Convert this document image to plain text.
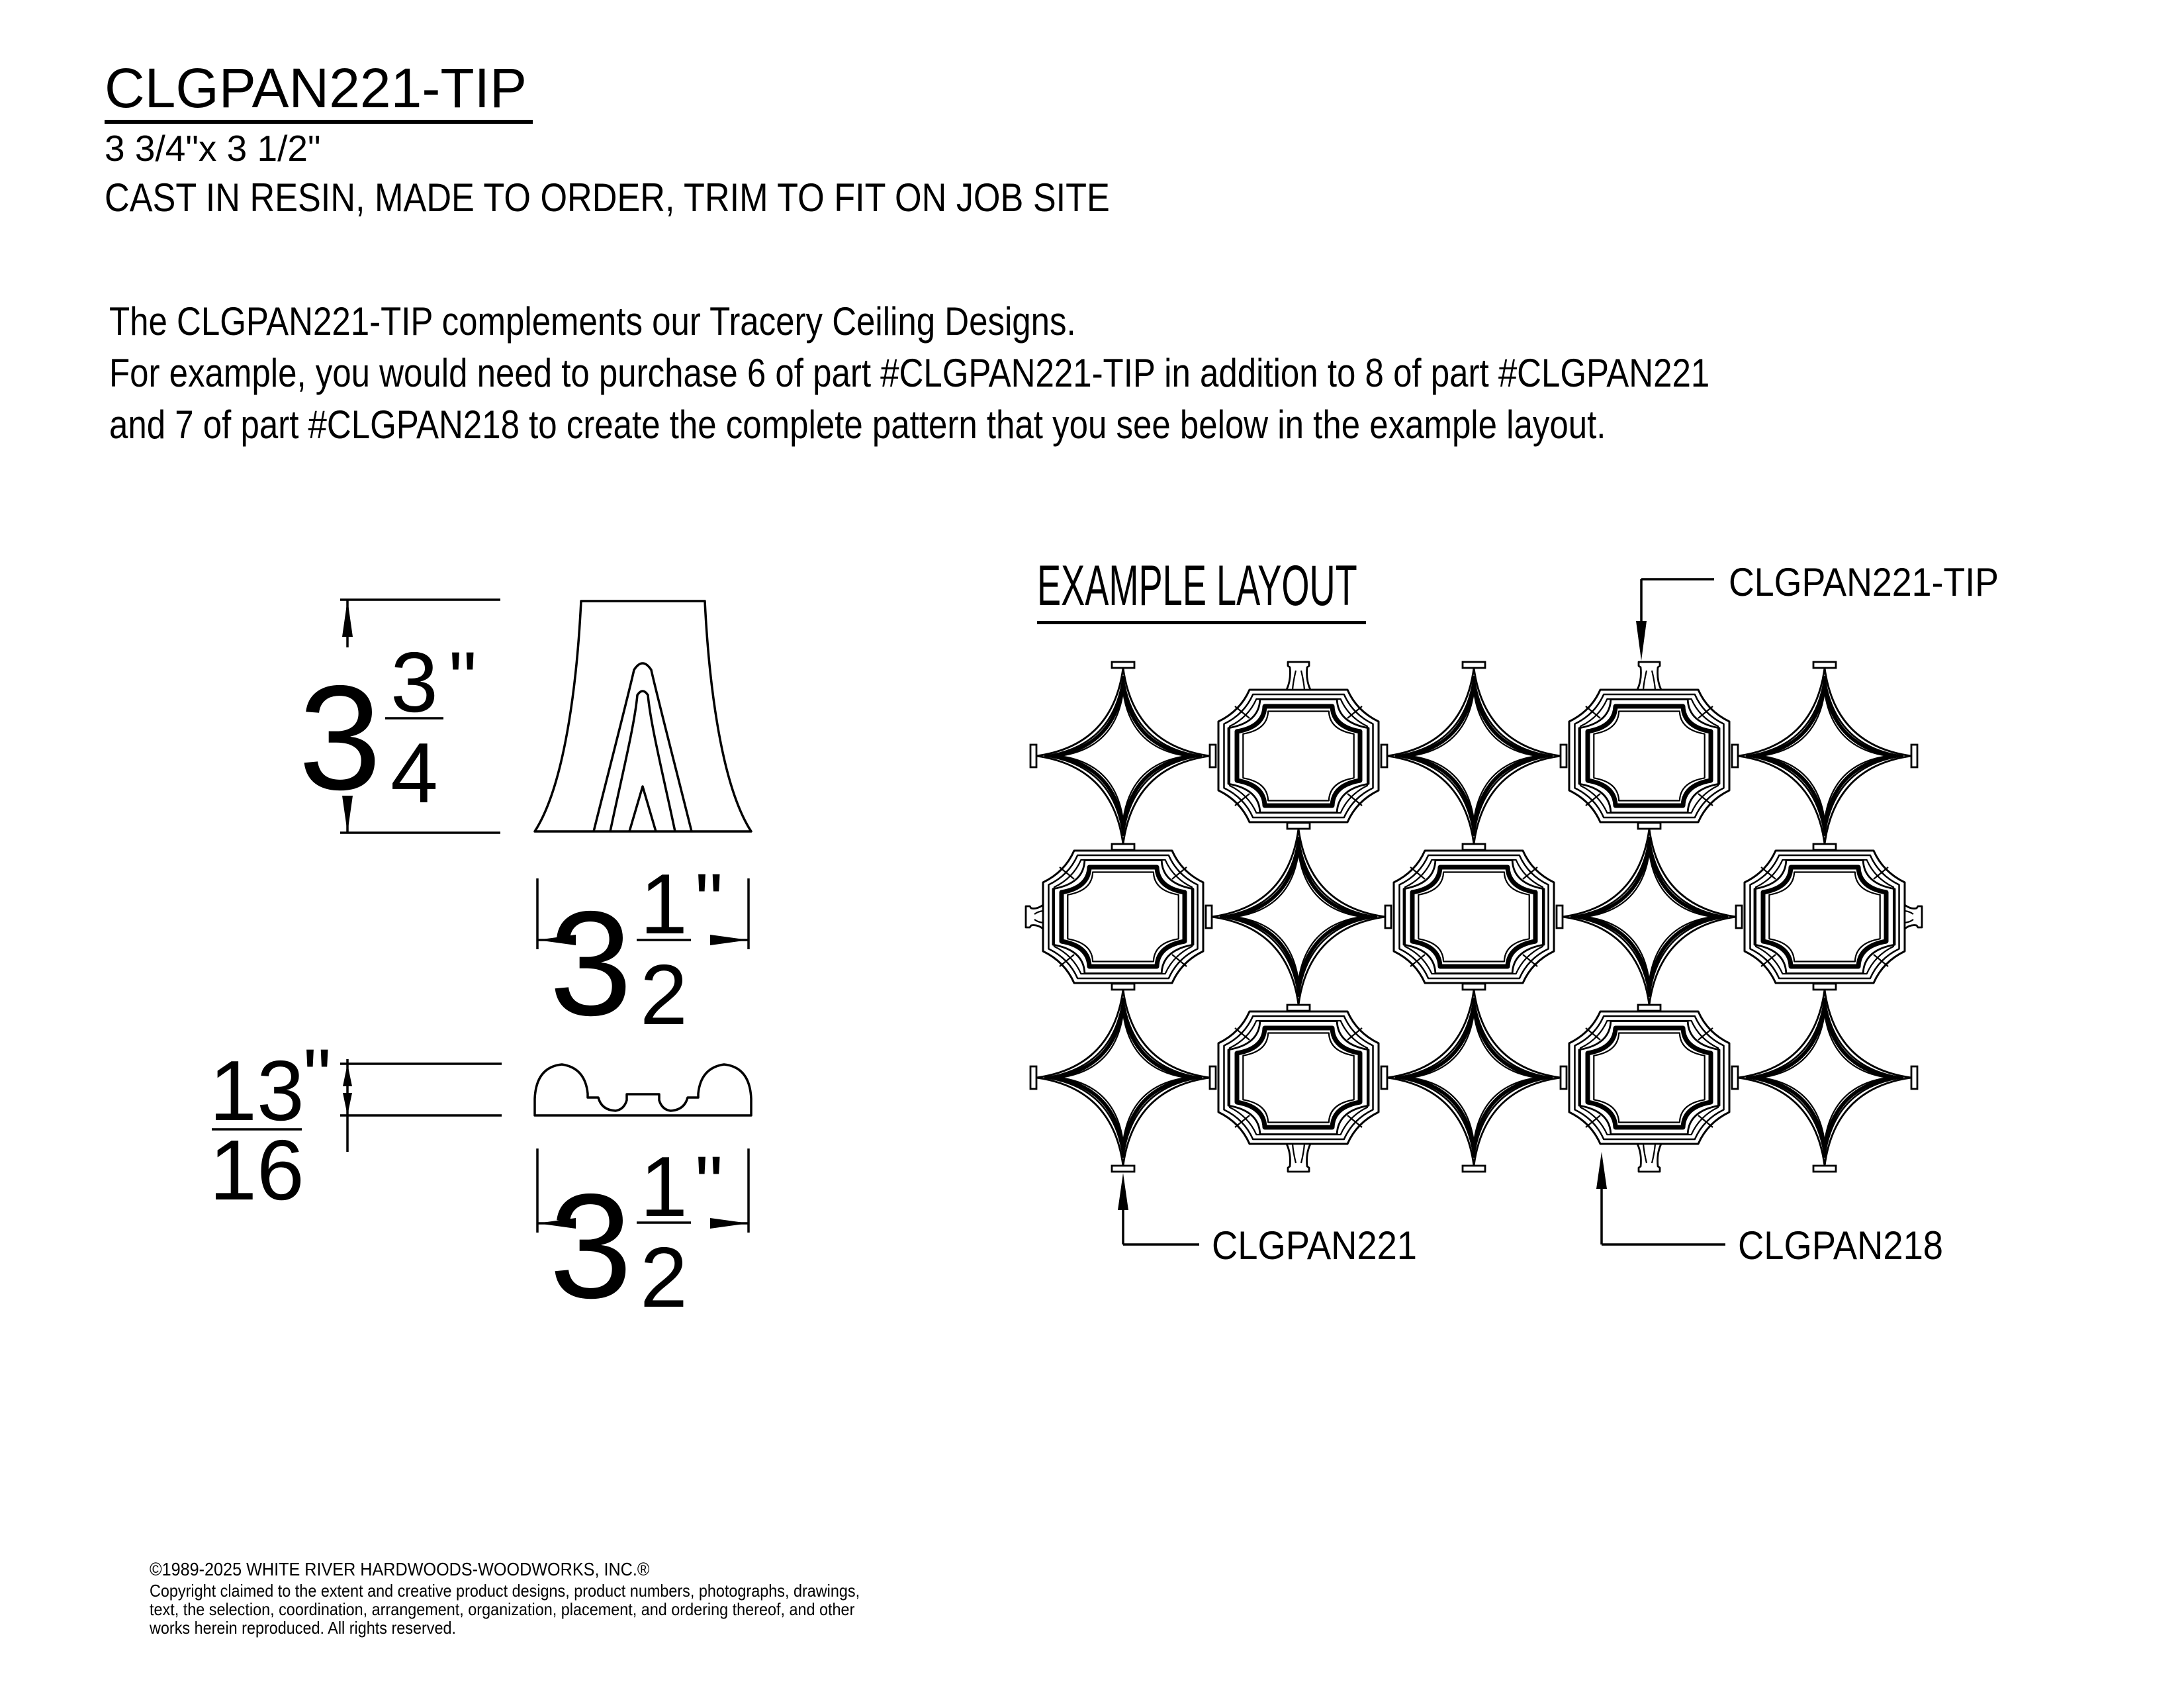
3 3
4
"
3 1
2
"
13
"
16 3 1
2
"
CLGPAN221-TIP
CLGPAN221	CLGPAN218
CLGPAN221-TIP
3 3/4"x 3 1/2"
CAST IN RESIN, MADE TO ORDER, TRIM TO FIT ON JOB SITE
The CLGPAN221-TIP complements our Tracery Ceiling Designs.
For example, you would need to purchase 6 of part #CLGPAN221-TIP in addition to 8 of part #CLGPAN221
and 7 of part #CLGPAN218 to create the complete pattern that you see below in the example layout.
EXAMPLE LAYOUT
©1989-2025 WHITE RIVER HARDWOODS-WOODWORKS, INC.®
Copyright claimed to the extent and creative product designs, product numbers, photographs, drawings,
text, the selection, coordination, arrangement, organization, placement, and ordering thereof, and other
works herein reproduced. All rights reserved.
